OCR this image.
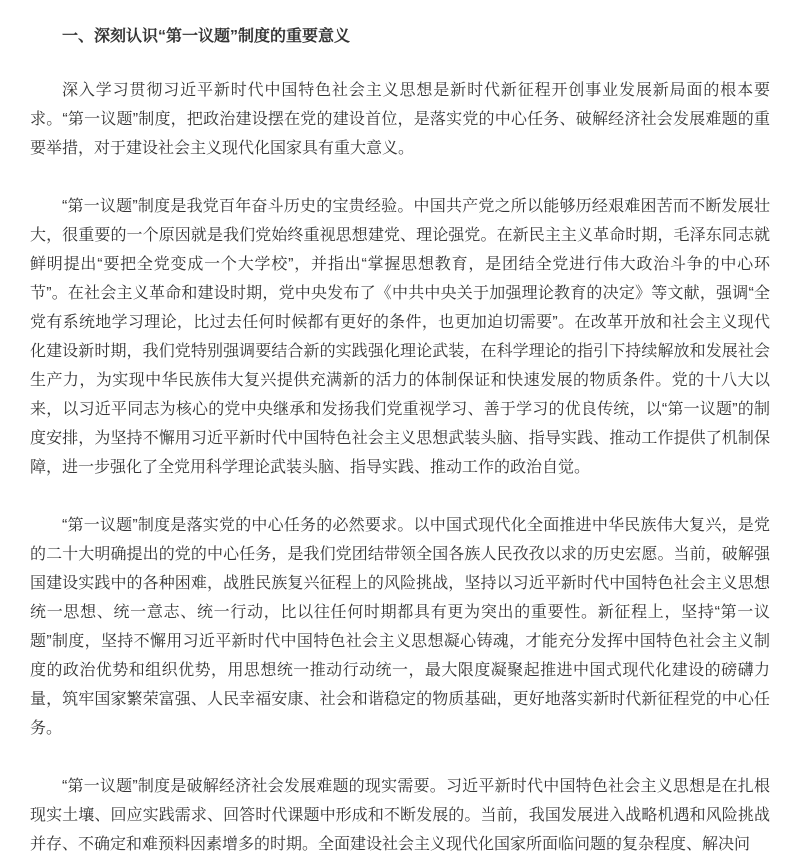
一、深刻认识“第一议题”制度的重要意义

深入学习贯彻习近平新时代中国特色社会主义思想是新时代新征程开创事业发展新局面的根本要求。“第一议题”制度，把政治建设摆在党的建设首位，是落实党的中心任务、破解经济社会发展难题的重要举措，对于建设社会主义现代化国家具有重大意义。

“第一议题”制度是我党百年奋斗历史的宝贵经验。中国共产党之所以能够历经艰难困苦而不断发展壮大，很重要的一个原因就是我们党始终重视思想建党、理论强党。在新民主主义革命时期，毛泽东同志就鲜明提出“要把全党变成一个大学校”，并指出“掌握思想教育，是团结全党进行伟大政治斗争的中心环节”。在社会主义革命和建设时期，党中央发布了《中共中央关于加强理论教育的决定》等文献，强调“全党有系统地学习理论，比过去任何时候都有更好的条件，也更加迫切需要”。在改革开放和社会主义现代化建设新时期，我们党特别强调要结合新的实践强化理论武装，在科学理论的指引下持续解放和发展社会生产力，为实现中华民族伟大复兴提供充满新的活力的体制保证和快速发展的物质条件。党的十八大以来，以习近平同志为核心的党中央继承和发扬我们党重视学习、善于学习的优良传统，以“第一议题”的制度安排，为坚持不懈用习近平新时代中国特色社会主义思想武装头脑、指导实践、推动工作提供了机制保障，进一步强化了全党用科学理论武装头脑、指导实践、推动工作的政治自觉。

“第一议题”制度是落实党的中心任务的必然要求。以中国式现代化全面推进中华民族伟大复兴，是党的二十大明确提出的党的中心任务，是我们党团结带领全国各族人民孜孜以求的历史宏愿。当前，破解强国建设实践中的各种困难，战胜民族复兴征程上的风险挑战，坚持以习近平新时代中国特色社会主义思想统一思想、统一意志、统一行动，比以往任何时期都具有更为突出的重要性。新征程上，坚持“第一议题”制度，坚持不懈用习近平新时代中国特色社会主义思想凝心铸魂，才能充分发挥中国特色社会主义制度的政治优势和组织优势，用思想统一推动行动统一，最大限度凝聚起推进中国式现代化建设的磅礴力量，筑牢国家繁荣富强、人民幸福安康、社会和谐稳定的物质基础，更好地落实新时代新征程党的中心任务。

“第一议题”制度是破解经济社会发展难题的现实需要。习近平新时代中国特色社会主义思想是在扎根现实土壤、回应实践需求、回答时代课题中形成和不断发展的。当前，我国发展进入战略机遇和风险挑战并存、不确定和难预料因素增多的时期。全面建设社会主义现代化国家所面临问题的复杂程度、解决问
